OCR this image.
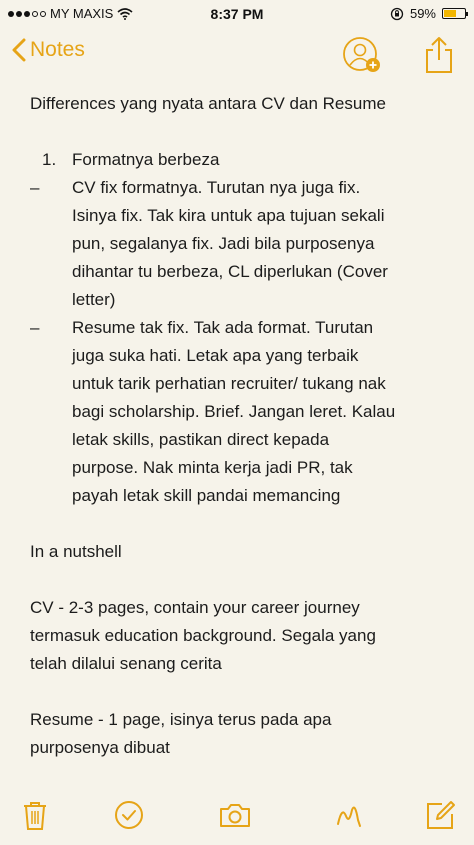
MY MAXIS	8:37 PM	59%
Notes
Differences yang nyata antara CV dan Resume
1. Formatnya berbeza
–	CV fix formatnya. Turutan nya juga fix.
Isinya fix. Tak kira untuk apa tujuan sekali
pun, segalanya fix. Jadi bila purposenya
dihantar tu berbeza, CL diperlukan (Cover
letter)
–	Resume tak fix. Tak ada format. Turutan
juga suka hati. Letak apa yang terbaik
untuk tarik perhatian recruiter/ tukang nak
bagi scholarship. Brief. Jangan leret. Kalau
letak skills, pastikan direct kepada
purpose. Nak minta kerja jadi PR, tak
payah letak skill pandai memancing
In a nutshell
CV - 2-3 pages, contain your career journey
termasuk education background. Segala yang
telah dilalui senang cerita
Resume - 1 page, isinya terus pada apa
purposenya dibuat
